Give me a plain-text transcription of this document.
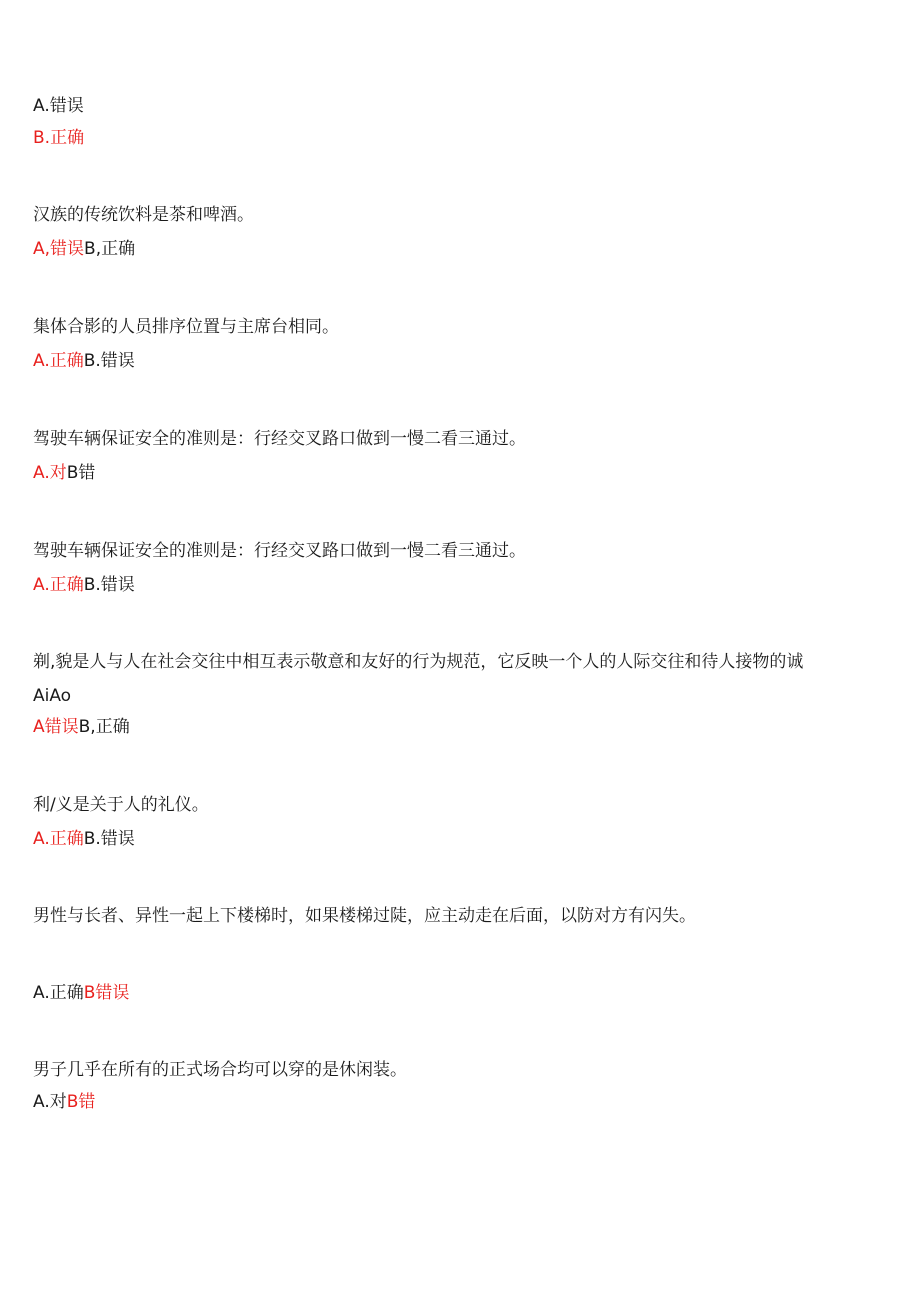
A.错误
B.正确
汉族的传统饮料是茶和啤酒。
A,错误B,正确
集体合影的人员排序位置与主席台相同。
A.正确B.错误
驾驶车辆保证安全的准则是：行经交叉路口做到一慢二看三通过。
A.对B错
驾驶车辆保证安全的准则是：行经交叉路口做到一慢二看三通过。
A.正确B.错误
剃,貌是人与人在社会交往中相互表示敬意和友好的行为规范，它反映一个人的人际交往和待人接物的诚
AiAo
A错误B,正确
利/义是关于人的礼仪。
A.正确B.错误
男性与长者、异性一起上下楼梯时，如果楼梯过陡，应主动走在后面，以防对方有闪失。
A.正确B错误
男子几乎在所有的正式场合均可以穿的是休闲装。
A.对B错
